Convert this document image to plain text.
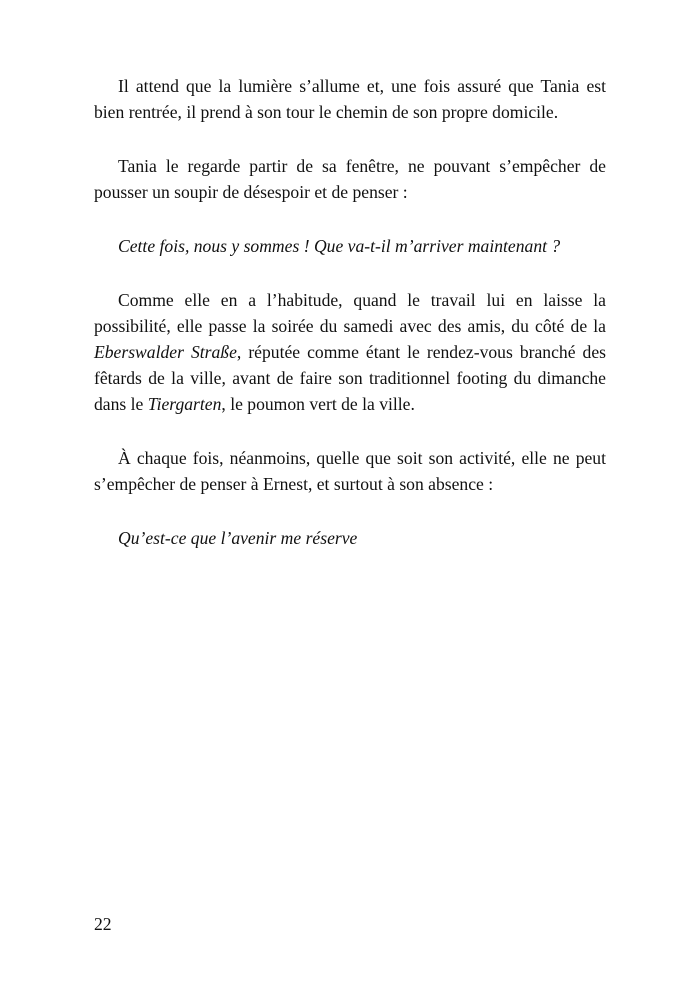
Il attend que la lumière s’allume et, une fois assuré que Tania est bien rentrée, il prend à son tour le chemin de son propre domicile.

Tania le regarde partir de sa fenêtre, ne pouvant s’empêcher de pousser un soupir de désespoir et de penser :

Cette fois, nous y sommes ! Que va-t-il m’arriver maintenant ?

Comme elle en a l’habitude, quand le travail lui en laisse la possibilité, elle passe la soirée du samedi avec des amis, du côté de la Eberswalder Straße, réputée comme étant le rendez-vous branché des fêtards de la ville, avant de faire son traditionnel footing du dimanche dans le Tiergarten, le poumon vert de la ville.

À chaque fois, néanmoins, quelle que soit son activité, elle ne peut s’empêcher de penser à Ernest, et surtout à son absence :

Qu’est-ce que l’avenir me réserve

22
